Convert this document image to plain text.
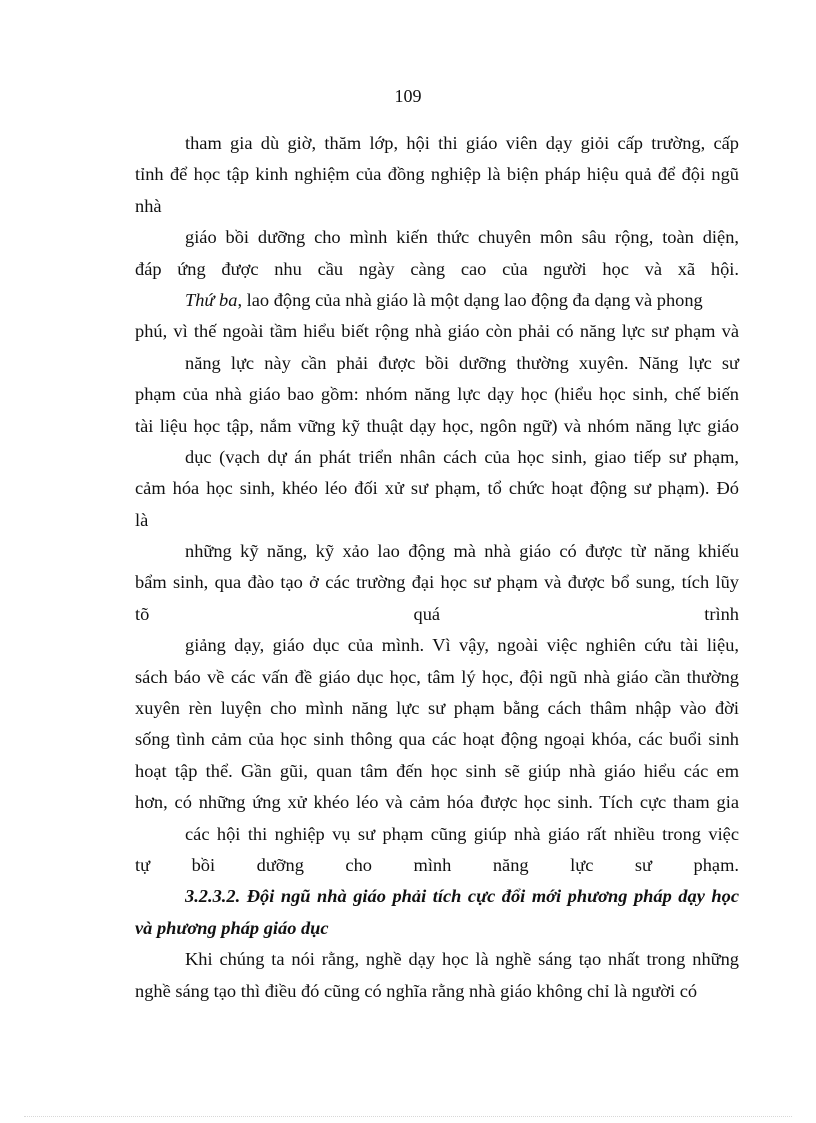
109
tham gia dù giờ, thăm lớp, hội thi giáo viên dạy giỏi cấp trường, cấp
tỉnh để học tập kinh nghiệm của đồng nghiệp là biện pháp hiệu quả để đội ngũ
nhà
giáo bồi dưỡng cho mình kiến thức chuyên môn sâu rộng, toàn diện,
đáp ứng được nhu cầu ngày càng cao của người học và xã hội.
Thứ ba, lao động của nhà giáo là một dạng lao động đa dạng và phong
phú, vì thế ngoài tầm hiểu biết rộng nhà giáo còn phải có năng lực sư phạm và
năng lực này cần phải được bồi dưỡng thường xuyên. Năng lực sư
phạm của nhà giáo bao gồm: nhóm năng lực dạy học (hiểu học sinh, chế biến
tài liệu học tập, nắm vững kỹ thuật dạy học, ngôn ngữ) và nhóm năng lực giáo
dục (vạch dự án phát triển nhân cách của học sinh, giao tiếp sư phạm,
cảm hóa học sinh, khéo léo đối xử sư phạm, tổ chức hoạt động sư phạm). Đó
là
những kỹ năng, kỹ xảo lao động mà nhà giáo có được từ năng khiếu
bẩm sinh, qua đào tạo ở các trường đại học sư phạm và được bổ sung, tích lũy
tõ quá trình
giảng dạy, giáo dục của mình. Vì vậy, ngoài việc nghiên cứu tài liệu,
sách báo về các vấn đề giáo dục học, tâm lý học, đội ngũ nhà giáo cần thường
xuyên rèn luyện cho mình năng lực sư phạm bằng cách thâm nhập vào đời
sống tình cảm của học sinh thông qua các hoạt động ngoại khóa, các buổi sinh
hoạt tập thể. Gần gũi, quan tâm đến học sinh sẽ giúp nhà giáo hiểu các em
hơn, có những ứng xử khéo léo và cảm hóa được học sinh. Tích cực tham gia
các hội thi nghiệp vụ sư phạm cũng giúp nhà giáo rất nhiều trong việc
tự bồi dưỡng cho mình năng lực sư phạm.
3.2.3.2. Đội ngũ nhà giáo phải tích cực đổi mới phương pháp dạy học
và phương pháp giáo dục
Khi chúng ta nói rằng, nghề dạy học là nghề sáng tạo nhất trong những
nghề sáng tạo thì điều đó cũng có nghĩa rằng nhà giáo không chỉ là người có
